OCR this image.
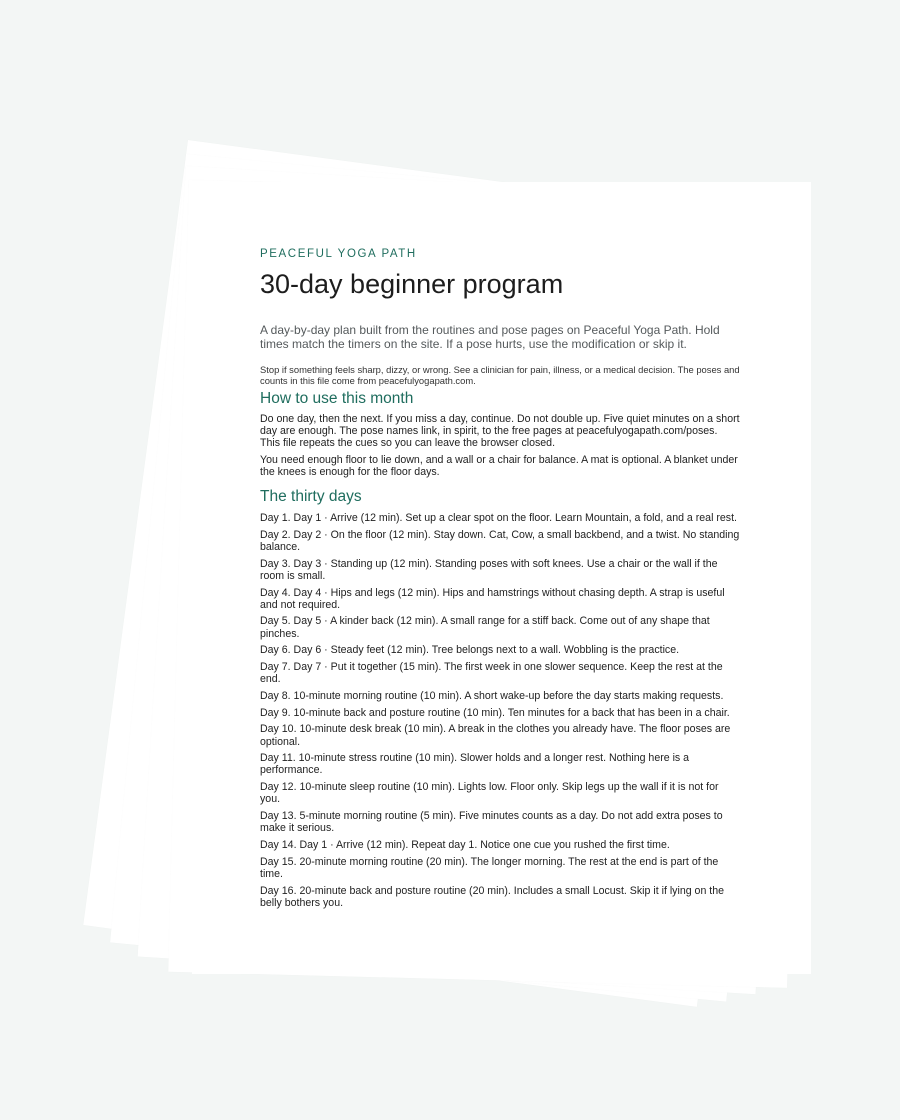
PEACEFUL YOGA PATH

30-day beginner program

A day-by-day plan built from the routines and pose pages on Peaceful Yoga Path. Hold times match the timers on the site. If a pose hurts, use the modification or skip it.

Stop if something feels sharp, dizzy, or wrong. See a clinician for pain, illness, or a medical decision. The poses and counts in this file come from peacefulyogapath.com.

How to use this month

Do one day, then the next. If you miss a day, continue. Do not double up. Five quiet minutes on a short day are enough. The pose names link, in spirit, to the free pages at peacefulyogapath.com/poses. This file repeats the cues so you can leave the browser closed.

You need enough floor to lie down, and a wall or a chair for balance. A mat is optional. A blanket under the knees is enough for the floor days.

The thirty days
Day 1. Day 1 · Arrive (12 min). Set up a clear spot on the floor. Learn Mountain, a fold, and a real rest.
Day 2. Day 2 · On the floor (12 min). Stay down. Cat, Cow, a small backbend, and a twist. No standing balance.
Day 3. Day 3 · Standing up (12 min). Standing poses with soft knees. Use a chair or the wall if the room is small.
Day 4. Day 4 · Hips and legs (12 min). Hips and hamstrings without chasing depth. A strap is useful and not required.
Day 5. Day 5 · A kinder back (12 min). A small range for a stiff back. Come out of any shape that pinches.
Day 6. Day 6 · Steady feet (12 min). Tree belongs next to a wall. Wobbling is the practice.
Day 7. Day 7 · Put it together (15 min). The first week in one slower sequence. Keep the rest at the end.
Day 8. 10-minute morning routine (10 min). A short wake-up before the day starts making requests.
Day 9. 10-minute back and posture routine (10 min). Ten minutes for a back that has been in a chair.
Day 10. 10-minute desk break (10 min). A break in the clothes you already have. The floor poses are optional.
Day 11. 10-minute stress routine (10 min). Slower holds and a longer rest. Nothing here is a performance.
Day 12. 10-minute sleep routine (10 min). Lights low. Floor only. Skip legs up the wall if it is not for you.
Day 13. 5-minute morning routine (5 min). Five minutes counts as a day. Do not add extra poses to make it serious.
Day 14. Day 1 · Arrive (12 min). Repeat day 1. Notice one cue you rushed the first time.
Day 15. 20-minute morning routine (20 min). The longer morning. The rest at the end is part of the time.
Day 16. 20-minute back and posture routine (20 min). Includes a small Locust. Skip it if lying on the belly bothers you.
